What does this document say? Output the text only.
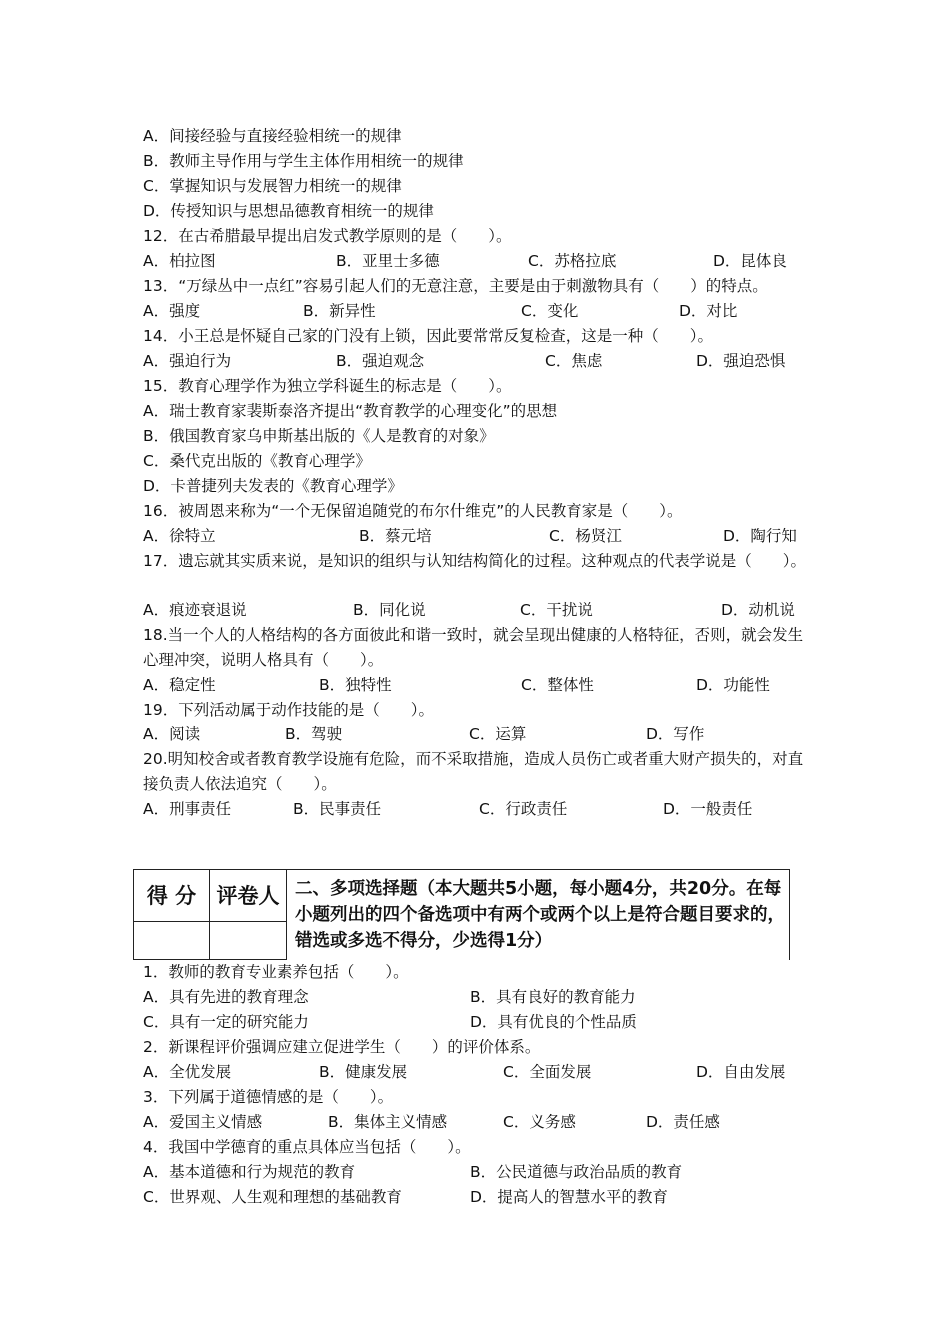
A．间接经验与直接经验相统一的规律
B．教师主导作用与学生主体作用相统一的规律
C．掌握知识与发展智力相统一的规律
D．传授知识与思想品德教育相统一的规律
12．在古希腊最早提出启发式教学原则的是（　　）。
A．柏拉图	B．亚里士多德	C．苏格拉底	D．昆体良
13．“万绿丛中一点红”容易引起人们的无意注意，主要是由于刺激物具有（　　）的特点。
A．强度	B．新异性	C．变化	D．对比
14．小王总是怀疑自己家的门没有上锁，因此要常常反复检查，这是一种（　　）。
A．强迫行为	B．强迫观念	C．焦虑	D．强迫恐惧
15．教育心理学作为独立学科诞生的标志是（　　）。
A．瑞士教育家裴斯泰洛齐提出“教育教学的心理变化”的思想
B．俄国教育家乌申斯基出版的《人是教育的对象》
C．桑代克出版的《教育心理学》
D．卡普捷列夫发表的《教育心理学》
16．被周恩来称为“一个无保留追随党的布尔什维克”的人民教育家是（　　）。
A．徐特立	B．蔡元培	C．杨贤江	D．陶行知
17．遗忘就其实质来说，是知识的组织与认知结构简化的过程。这种观点的代表学说是（　　）。
A．痕迹衰退说	B．同化说	C．干扰说	D．动机说
18.当一个人的人格结构的各方面彼此和谐一致时，就会呈现出健康的人格特征，否则，就会发生心理冲突，说明人格具有（　　）。
A．稳定性	B．独特性	C．整体性	D．功能性
19．下列活动属于动作技能的是（　　）。
A．阅读	B．驾驶	C．运算	D．写作
20.明知校舍或者教育教学设施有危险，而不采取措施，造成人员伤亡或者重大财产损失的，对直接负责人依法追究（　　）。
A．刑事责任	B．民事责任	C．行政责任	D．一般责任
得 分	评卷人	二、多项选择题（本大题共5小题，每小题4分，共20分。在每小题列出的四个备选项中有两个或两个以上是符合题目要求的，错选或多选不得分，少选得1分）

1．教师的教育专业素养包括（　　）。
A．具有先进的教育理念	B．具有良好的教育能力
C．具有一定的研究能力	D．具有优良的个性品质
2．新课程评价强调应建立促进学生（　　）的评价体系。
A．全优发展	B．健康发展	C．全面发展	D．自由发展
3．下列属于道德情感的是（　　）。
A．爱国主义情感	B．集体主义情感	C．义务感	D．责任感
4．我国中学德育的重点具体应当包括（　　）。
A．基本道德和行为规范的教育	B．公民道德与政治品质的教育
C．世界观、人生观和理想的基础教育	D．提高人的智慧水平的教育
